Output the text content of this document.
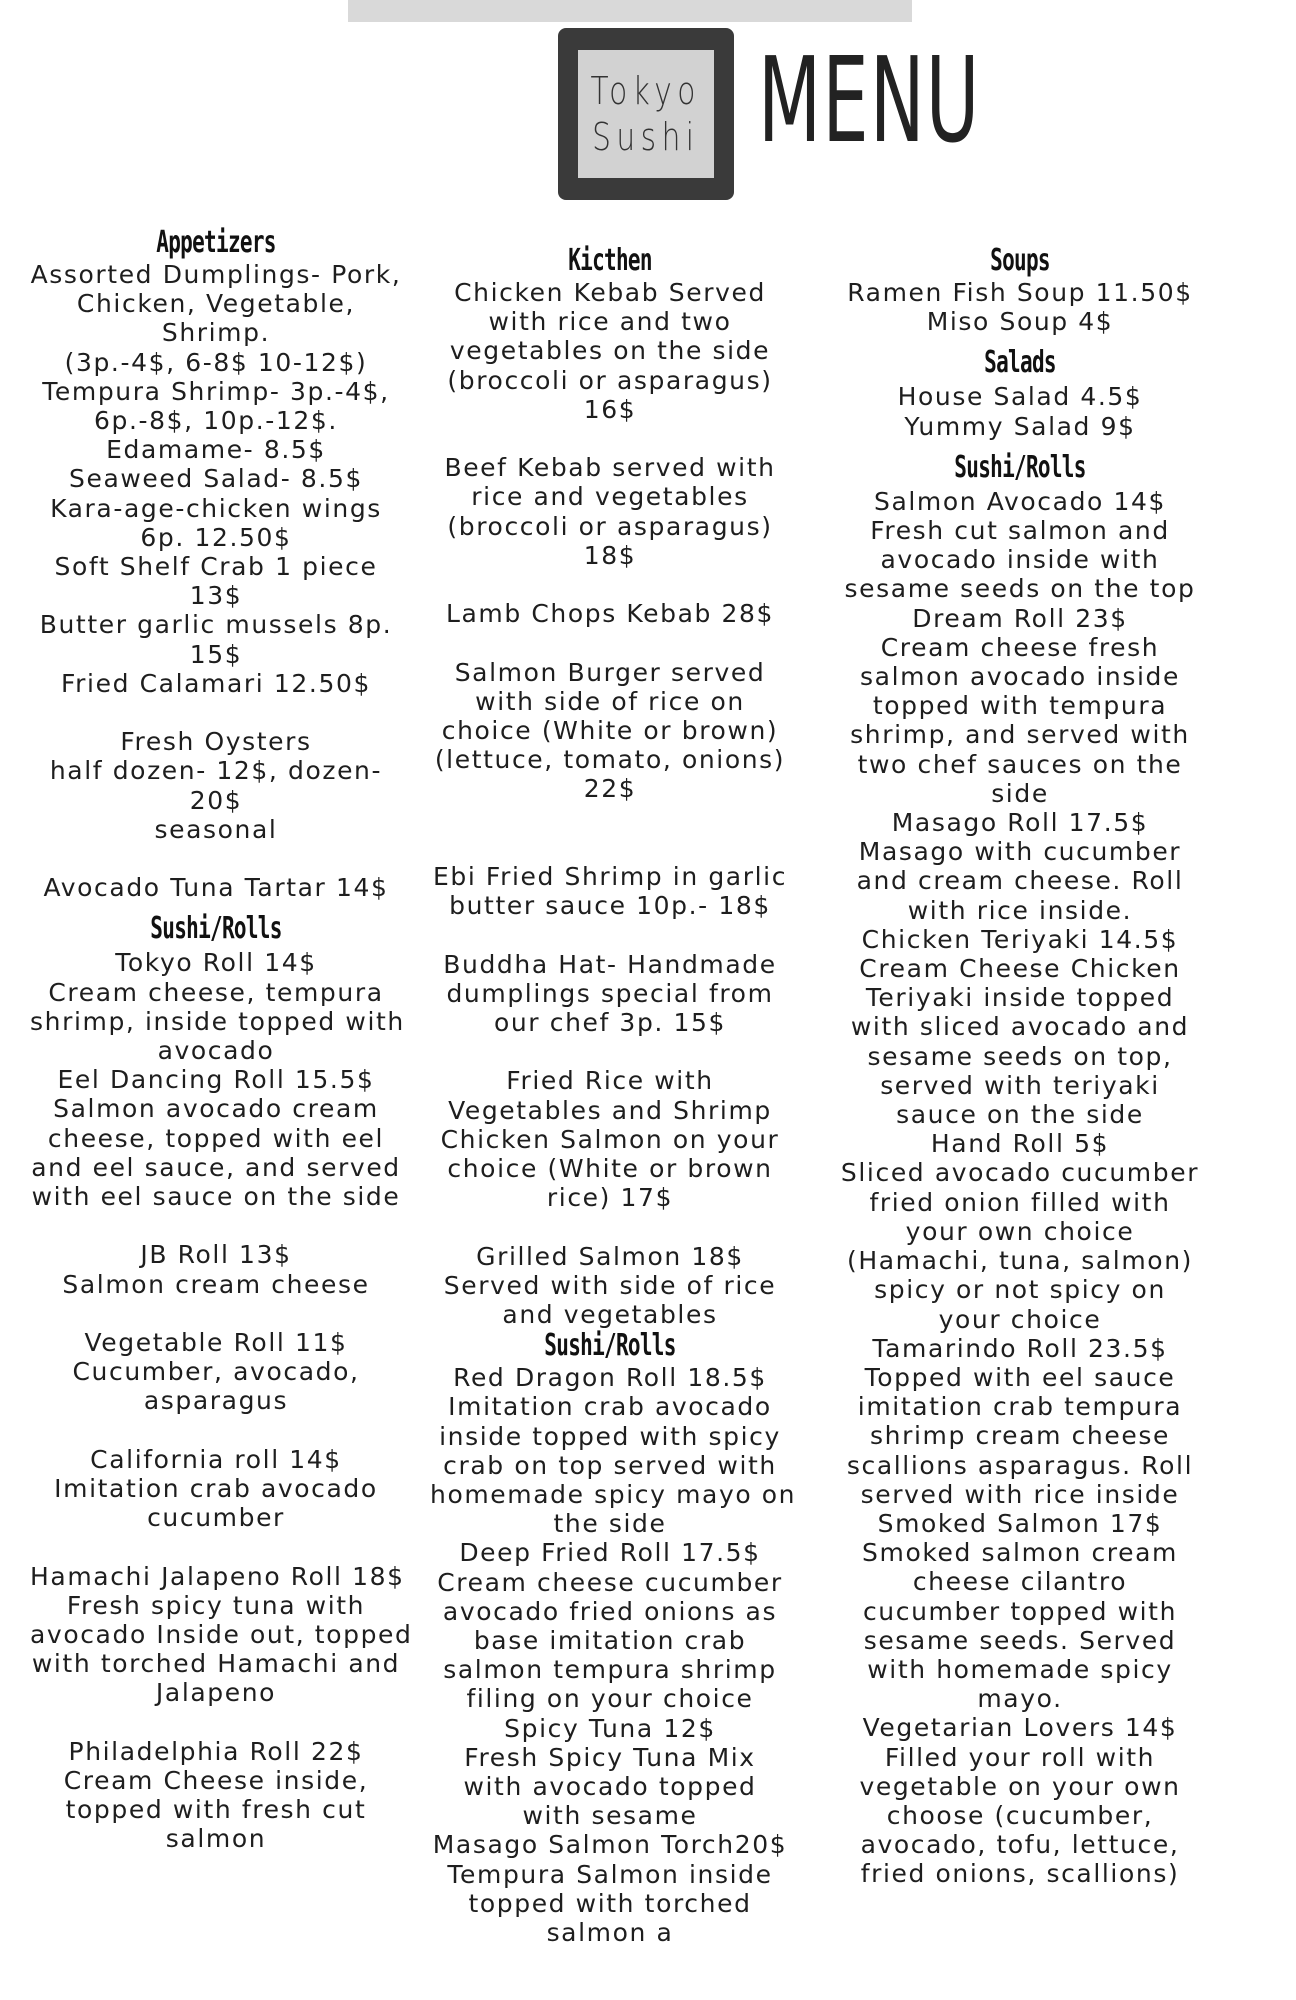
Tokyo
Sushi MENU
Appetizers
Assorted Dumplings- Pork,
Chicken, Vegetable,
Shrimp.
(3p.-4$, 6-8$ 10-12$)
Tempura Shrimp- 3p.-4$,
6p.-8$, 10p.-12$.
Edamame- 8.5$
Seaweed Salad- 8.5$
Kara-age-chicken wings
6p. 12.50$
Soft Shelf Crab 1 piece
13$
Butter garlic mussels 8p.
15$
Fried Calamari 12.50$
Fresh Oysters
half dozen- 12$, dozen-
20$
seasonal
Avocado Tuna Tartar 14$
Sushi/Rolls
Tokyo Roll 14$
Cream cheese, tempura
shrimp, inside topped with
avocado
Eel Dancing Roll 15.5$
Salmon avocado cream
cheese, topped with eel
and eel sauce, and served
with eel sauce on the side
JB Roll 13$
Salmon cream cheese
Vegetable Roll 11$
Cucumber, avocado,
asparagus
California roll 14$
Imitation crab avocado
cucumber
Hamachi Jalapeno Roll 18$
Fresh spicy tuna with
avocado Inside out, topped
with torched Hamachi and
Jalapeno
Philadelphia Roll 22$
Cream Cheese inside,
topped with fresh cut
salmon
Kicthen
Chicken Kebab Served
with rice and two
vegetables on the side
(broccoli or asparagus)
16$
Beef Kebab served with
rice and vegetables
(broccoli or asparagus)
18$
Lamb Chops Kebab 28$
Salmon Burger served
with side of rice on
choice (White or brown)
(lettuce, tomato, onions)
22$
Ebi Fried Shrimp in garlic
butter sauce 10p.- 18$
Buddha Hat- Handmade
dumplings special from
our chef 3p. 15$
Fried Rice with
Vegetables and Shrimp
Chicken Salmon on your
choice (White or brown
rice) 17$
Grilled Salmon 18$
Served with side of rice
and vegetables
Sushi/Rolls
Red Dragon Roll 18.5$
Imitation crab avocado
inside topped with spicy
crab on top served with
homemade spicy mayo on
the side
Deep Fried Roll 17.5$
Cream cheese cucumber
avocado fried onions as
base imitation crab
salmon tempura shrimp
filing on your choice
Spicy Tuna 12$
Fresh Spicy Tuna Mix
with avocado topped
with sesame
Masago Salmon Torch20$
Tempura Salmon inside
topped with torched
salmon a
Soups
Ramen Fish Soup 11.50$
Miso Soup 4$
Salads
House Salad 4.5$
Yummy Salad 9$
Sushi/Rolls
Salmon Avocado 14$
Fresh cut salmon and
avocado inside with
sesame seeds on the top
Dream Roll 23$
Cream cheese fresh
salmon avocado inside
topped with tempura
shrimp, and served with
two chef sauces on the
side
Masago Roll 17.5$
Masago with cucumber
and cream cheese. Roll
with rice inside.
Chicken Teriyaki 14.5$
Cream Cheese Chicken
Teriyaki inside topped
with sliced avocado and
sesame seeds on top,
served with teriyaki
sauce on the side
Hand Roll 5$
Sliced avocado cucumber
fried onion filled with
your own choice
(Hamachi, tuna, salmon)
spicy or not spicy on
your choice
Tamarindo Roll 23.5$
Topped with eel sauce
imitation crab tempura
shrimp cream cheese
scallions asparagus. Roll
served with rice inside
Smoked Salmon 17$
Smoked salmon cream
cheese cilantro
cucumber topped with
sesame seeds. Served
with homemade spicy
mayo.
Vegetarian Lovers 14$
Filled your roll with
vegetable on your own
choose (cucumber,
avocado, tofu, lettuce,
fried onions, scallions)
